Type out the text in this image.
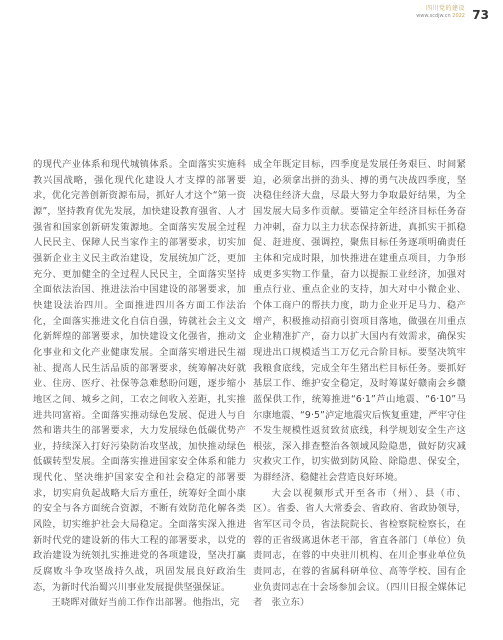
四川党的建设
www.scdjw.cn 2022 73

的现代产业体系和现代城镇体系。全面落实实施科教兴国战略，强化现代化建设人才支撑的部署要求，优化完善创新资源布局，抓好人才这个“第一资源”，坚持教育优先发展，加快建设教育强省、人才强省和国家创新研发策源地。全面落实发展全过程人民民主、保障人民当家作主的部署要求，切实加强新企业主义民主政治建设，发展统加广泛，更加充分、更加健全的全过程人民民主，全面落实坚持全面依法治国、推进法治中国建设的部署要求，加快建设法治四川。全面推进四川各方面工作法治化，全面落实推进文化自信自强，铸就社会主义文化新辉煌的部署要求，加快建设文化强省，推动文化事业和文化产业健康发展。全面落实增进民生福祉、提高人民生活品质的部署要求，统筹解决好就业、住房、医疗、社保等急难愁盼问题，逐步缩小地区之间、城乡之间，工农之间收入差距，扎实推进共同富裕。全面落实推动绿色发展、促进人与自然和谐共生的部署要求，大力发展绿色低碳优势产业，持续深入打好污染防治攻坚战，加快推动绿色低碳转型发展。全面落实推进国家安全体系和能力现代化、坚决维护国家安全和社会稳定的部署要求，切实肩负起战略大后方重任，统筹好全面小康的安全与各方面统合资源，不断有效防范化解各类风险，切实维护社会大局稳定。全面落实深入推进新时代党的建设新的伟大工程的部署要求，以党的政治建设为统领扎实推进党的各项建设，坚决打赢反腐败斗争攻坚战持久战，巩固发展良好政治生态，为新时代治蜀兴川事业发展提供坚强保证。

王晓晖对做好当前工作作出部署。他指出，完

成全年既定目标，四季度是发展任务艰巨、时间紧迫，必须拿出拼的劲头、搏的勇气决战四季度，坚决稳住经济大盘，尽最大努力争取最好结果，为全国发展大局多作贡献。要锚定全年经济目标任务奋力冲刺，奋力以主力状态保持新进，真抓实干抓稳促、赶进度、强调控，聚焦目标任务逐项明确责任主体和完成时限，加快推进在建重点项目，力争形成更多实物工作量，奋力以提振工业经济，加强对重点行业、重点企业的支持，加大对中小微企业、个体工商户的帮扶力度，助力企业开足马力、稳产增产，积极推动招商引资项目落地，做强在川重点企业精准扩产，奋力以扩大国内有效需求，确保实现进出口规模适当工万亿元合阶目标。要坚决筑牢我粮食底线，完成全年生猪出栏目标任务。要抓好基层工作、维护安全稳定，及时筹谋好赣南会乡赣蓝保供工作，统筹推进“6·1”芦山地震、“6·10”马尔康地震、“9·5”泸定地震灾后恢复重建，严牢守住不发生规模性返贫致贫底线，科学规划安全生产这根弦，深入排查整治各领域风险隐患，做好防灾减灾救灾工作，切实做到防风险、除隐患、保安全，为群经济、稳健社会营造良好环境。

大会以视频形式开至各市（州）、县（市、区）。省委、省人大常委会、省政府、省政协领导，省军区司令员，省法院院长、省检察院检察长，在蓉的正省级离退休老干部，省直各部门（单位）负责同志，在蓉的中央驻川机构、在川企事业单位负责同志，在蓉的省属科研单位、高等学校、国有企业负责同志在十会场参加会议。（四川日报全媒体记者　张立东）
